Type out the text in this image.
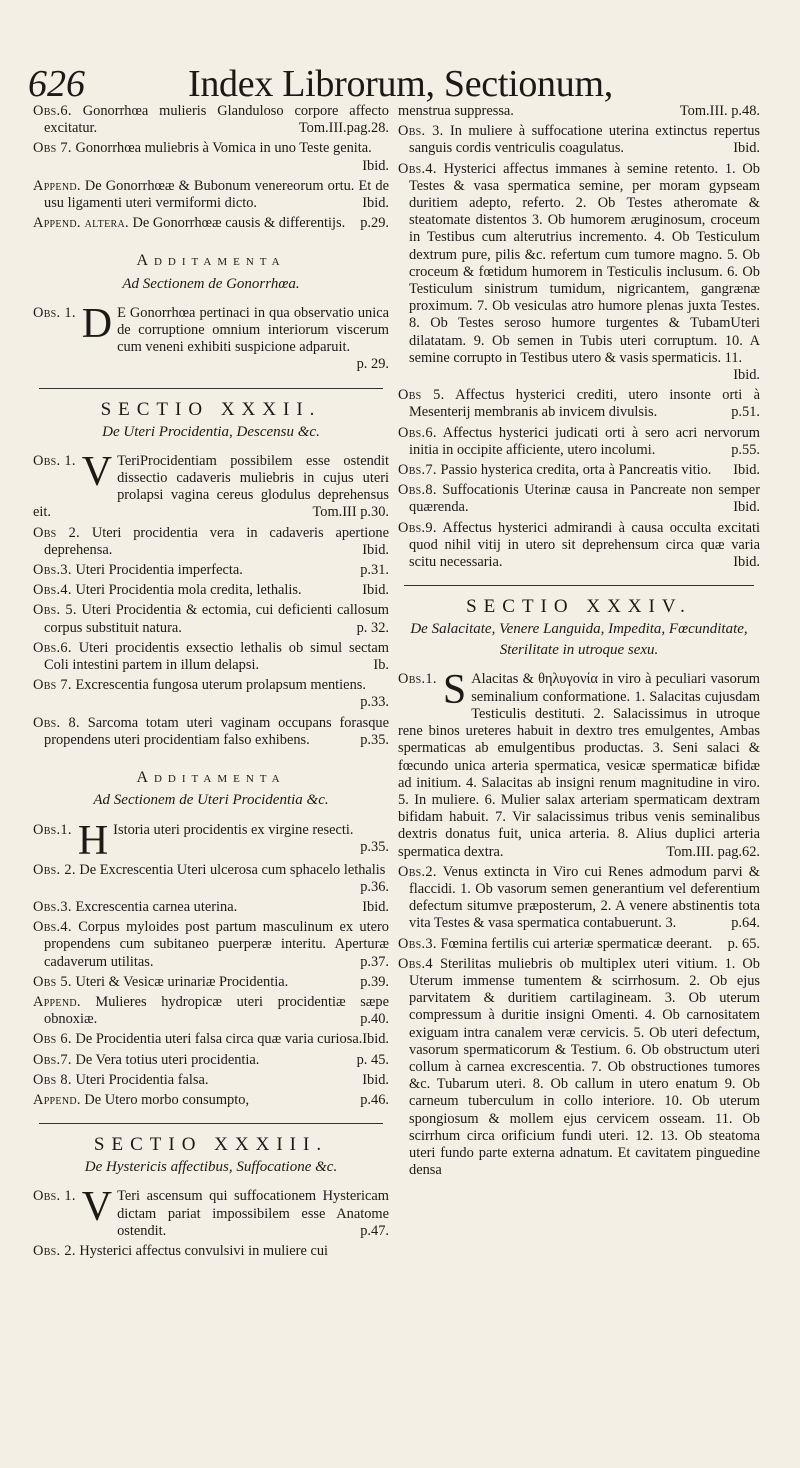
626	Index Librorum, Sectionum,
Obs.6. Gonorrhœa mulieris Glanduloso corpore affecto excitatur.	Tom.III.pag.28.
Obs 7. Gonorrhœa muliebris à Vomica in uno Teste genita.
Ibid.
Append. De Gonorrhœæ & Bubonum venereorum ortu. Et de usu ligamenti uteri vermiformi dicto.	Ibid.
Append. altera. De Gonorrhœæ causis & differentijs. p.29.
Additamenta
Ad Sectionem de Gonorrhœa.
Obs. 1. D E Gonorrhœa pertinaci in qua observatio unica de corruptione omnium interiorum viscerum cum veneni exhibiti suspicione adparuit.
p. 29.
SECTIO XXXII.
De Uteri Procidentia, Descensu &c.
Obs. 1. V TeriProcidentiam possibilem esse ostendit dissectio cadaveris muliebris in cujus uteri prolapsi vagina cereus glodulus deprehensus eit.	Tom.III p.30.
Obs 2. Uteri procidentia vera in cadaveris apertione deprehensa.	Ibid.
Obs.3. Uteri Procidentia imperfecta.	p.31.
Obs.4. Uteri Procidentia mola credita, lethalis.	Ibid.
Obs. 5. Uteri Procidentia & ectomia, cui deficienti callosum corpus substituit natura.	p. 32.
Obs.6. Uteri procidentis exsectio lethalis ob simul sectam Coli intestini partem in illum delapsi.	Ib.
Obs 7. Excrescentia fungosa uterum prolapsum mentiens.
p.33.
Obs. 8. Sarcoma totam uteri vaginam occupans forasque propendens uteri procidentiam falso exhibens.	p.35.
Additamenta
Ad Sectionem de Uteri Procidentia &c.
Obs.1. H Istoria uteri procidentis ex virgine resecti.
p.35.
Obs. 2. De Excrescentia Uteri ulcerosa cum sphacelo lethalis
p.36.
Obs.3. Excrescentia carnea uterina.	Ibid.
Obs.4. Corpus myloides post partum masculinum ex utero propendens cum subitaneo puerperæ interitu. Aperturæ cadaverum utilitas.	p.37.
Obs 5. Uteri & Vesicæ urinariæ Procidentia.	p.39.
Append. Mulieres hydropicæ uteri procidentiæ sæpe obnoxiæ.	p.40.
Obs 6. De Procidentia uteri falsa circa quæ varia curiosa. Ibid.
Obs.7. De Vera totius uteri procidentia.	p. 45.
Obs 8. Uteri Procidentia falsa.	Ibid.
Append. De Utero morbo consumpto,	p.46.
SECTIO XXXIII.
De Hystericis affectibus, Suffocatione &c.
Obs. 1. V Teri ascensum qui suffocationem Hystericam dictam pariat impossibilem esse Anatome ostendit.	p.47.
Obs. 2. Hysterici affectus convulsivi in muliere cui
menstrua suppressa.	Tom.III. p.48.
Obs. 3. In muliere à suffocatione uterina extinctus repertus sanguis cordis ventriculis coagulatus.	Ibid.
Obs.4. Hysterici affectus immanes à semine retento. 1. Ob Testes & vasa spermatica semine, per moram gypseam duritiem adepto, referto. 2. Ob Testes atheromate & steatomate distentos 3. Ob humorem æruginosum, croceum in Testibus cum alterutrius incremento. 4. Ob Testiculum dextrum pure, pilis &c. refertum cum tumore magno. 5. Ob croceum & fœtidum humorem in Testiculis inclusum. 6. Ob Testiculum sinistrum tumidum, nigricantem, gangrænæ proximum. 7. Ob vesiculas atro humore plenas juxta Testes. 8. Ob Testes seroso humore turgentes & TubamUteri dilatatam. 9. Ob semen in Tubis uteri corruptum. 10. A semine corrupto in Testibus utero & vasis spermaticis. 11.
Ibid.
Obs 5. Affectus hysterici crediti, utero insonte orti à Mesenterij membranis ab invicem divulsis.	p.51.
Obs.6. Affectus hysterici judicati orti à sero acri nervorum initia in occipite afficiente, utero incolumi.	p.55.
Obs.7. Passio hysterica credita, orta à Pancreatis vitio. Ibid.
Obs.8. Suffocationis Uterinæ causa in Pancreate non semper quærenda.	Ibid.
Obs.9. Affectus hysterici admirandi à causa occulta excitati quod nihil vitij in utero sit deprehensum circa quæ varia scitu necessaria.	Ibid.
SECTIO XXXIV.
De Salacitate, Venere Languida, Impedita, Fœcunditate, Sterilitate in utroque sexu.
Obs.1. S Alacitas & θηλυγονία in viro à peculiari vasorum seminalium conformatione. 1. Salacitas cujusdam Testiculis destituti. 2. Salacissimus in utroque rene binos ureteres habuit in dextro tres emulgentes, Ambas spermaticas ab emulgentibus productas. 3. Seni salaci & fœcundo unica arteria spermatica, vesicæ spermaticæ bifidæ ad initium. 4. Salacitas ab insigni renum magnitudine in viro. 5. In muliere. 6. Mulier salax arteriam spermaticam dextram bifidam habuit. 7. Vir salacissimus tribus venis seminalibus dextris donatus fuit, unica arteria. 8. Alius duplici arteria spermatica dextra.	Tom.III. pag.62.
Obs.2. Venus extincta in Viro cui Renes admodum parvi & flaccidi. 1. Ob vasorum semen generantium vel deferentium defectum situmve præposterum, 2. A venere abstinentis tota vita Testes & vasa spermatica contabuerunt. 3.	p.64.
Obs.3. Fœmina fertilis cui arteriæ spermaticæ deerant. p. 65.
Obs.4 Sterilitas muliebris ob multiplex uteri vitium. 1. Ob Uterum immense tumentem & scirrhosum. 2. Ob ejus parvitatem & duritiem cartilagineam. 3. Ob uterum compressum à duritie insigni Omenti. 4. Ob carnositatem exiguam intra canalem veræ cervicis. 5. Ob uteri defectum, vasorum spermaticorum & Testium. 6. Ob obstructum uteri collum à carnea excrescentia. 7. Ob obstructiones tumores &c. Tubarum uteri. 8. Ob callum in utero enatum 9. Ob carneum tuberculum in collo interiore. 10. Ob uterum spongiosum & mollem ejus cervicem osseam. 11. Ob scirrhum circa orificium fundi uteri. 12. 13. Ob steatoma uteri fundo parte externa adnatum. Et cavitatem pinguedine densa
